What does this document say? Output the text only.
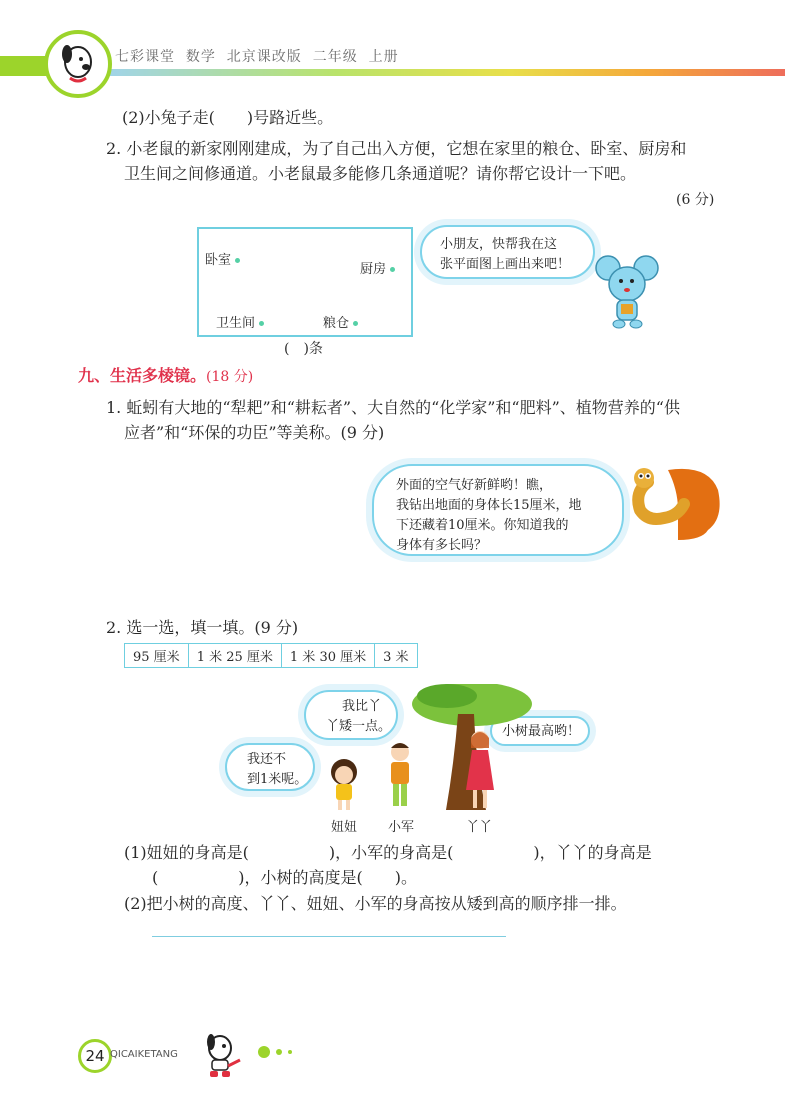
七彩课堂  数学  北京课改版  二年级  上册
(2)小兔子走(　　)号路近些。
2. 小老鼠的新家刚刚建成，为了自己出入方便，它想在家里的粮仓、卧室、厨房和
卫生间之间修通道。小老鼠最多能修几条通道呢？请你帮它设计一下吧。
(6 分)
卧室
厨房
卫生间	粮仓
(　)条
小朋友，快帮我在这
张平面图上画出来吧！
九、生活多棱镜。(18 分)
1. 蚯蚓有大地的“犁耙”和“耕耘者”、大自然的“化学家”和“肥料”、植物营养的“供
应者”和“环保的功臣”等美称。(9 分)
外面的空气好新鲜哟！瞧，
我钻出地面的身体长15厘米，地
下还藏着10厘米。你知道我的
身体有多长吗？
2. 选一选，填一填。(9 分)
95 厘米	1 米 25 厘米	1 米 30 厘米	3 米
我比丫
丫矮一点。
我还不
到1米呢。
小树最高哟！
妞妞 小军	丫丫
(1)妞妞的身高是(　　　　　)，小军的身高是(　　　　　)，丫丫的身高是
(　　　　　)，小树的高度是(　　)。
(2)把小树的高度、丫丫、妞妞、小军的身高按从矮到高的顺序排一排。
24 QICAIKETANG
